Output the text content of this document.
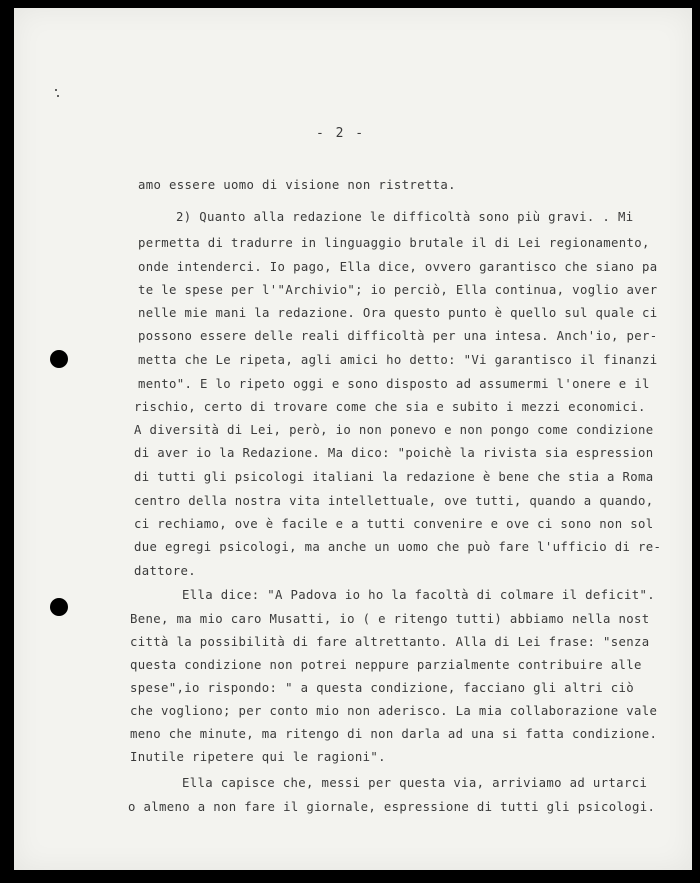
- 2 -
amo essere uomo di visione non ristretta.
2) Quanto alla redazione le difficoltà sono più gravi. . Mi
permetta di tradurre in linguaggio brutale il di Lei regionamento,
onde intenderci. Io pago, Ella dice, ovvero garantisco che siano pa
te le spese per l'"Archivio"; io perciò, Ella continua, voglio aver
nelle mie mani la redazione. Ora questo punto è quello sul quale ci
possono essere delle reali difficoltà per una intesa. Anch'io, per-
metta che Le ripeta, agli amici ho detto: "Vi garantisco il finanzi
mento". E lo ripeto oggi e sono disposto ad assumermi l'onere e il
rischio, certo di trovare come che sia e subito i mezzi economici.
A diversità di Lei, però, io non ponevo e non pongo come condizione
di aver io la Redazione. Ma dico: "poichè la rivista sia espression
di tutti gli psicologi italiani la redazione è bene che stia a Roma
centro della nostra vita intellettuale, ove tutti, quando a quando,
ci rechiamo, ove è facile e a tutti convenire e ove ci sono non sol
due egregi psicologi, ma anche un uomo che può fare l'ufficio di re-
dattore.
Ella dice: "A Padova io ho la facoltà di colmare il deficit".
Bene, ma mio caro Musatti, io ( e ritengo tutti) abbiamo nella nost
città la possibilità di fare altrettanto. Alla di Lei frase: "senza
questa condizione non potrei neppure parzialmente contribuire alle
spese",io rispondo: " a questa condizione, facciano gli altri ciò
che vogliono; per conto mio non aderisco. La mia collaborazione vale
meno che minute, ma ritengo di non darla ad una si fatta condizione.
Inutile ripetere qui le ragioni".
Ella capisce che, messi per questa via, arriviamo ad urtarci
o almeno a non fare il giornale, espressione di tutti gli psicologi.
